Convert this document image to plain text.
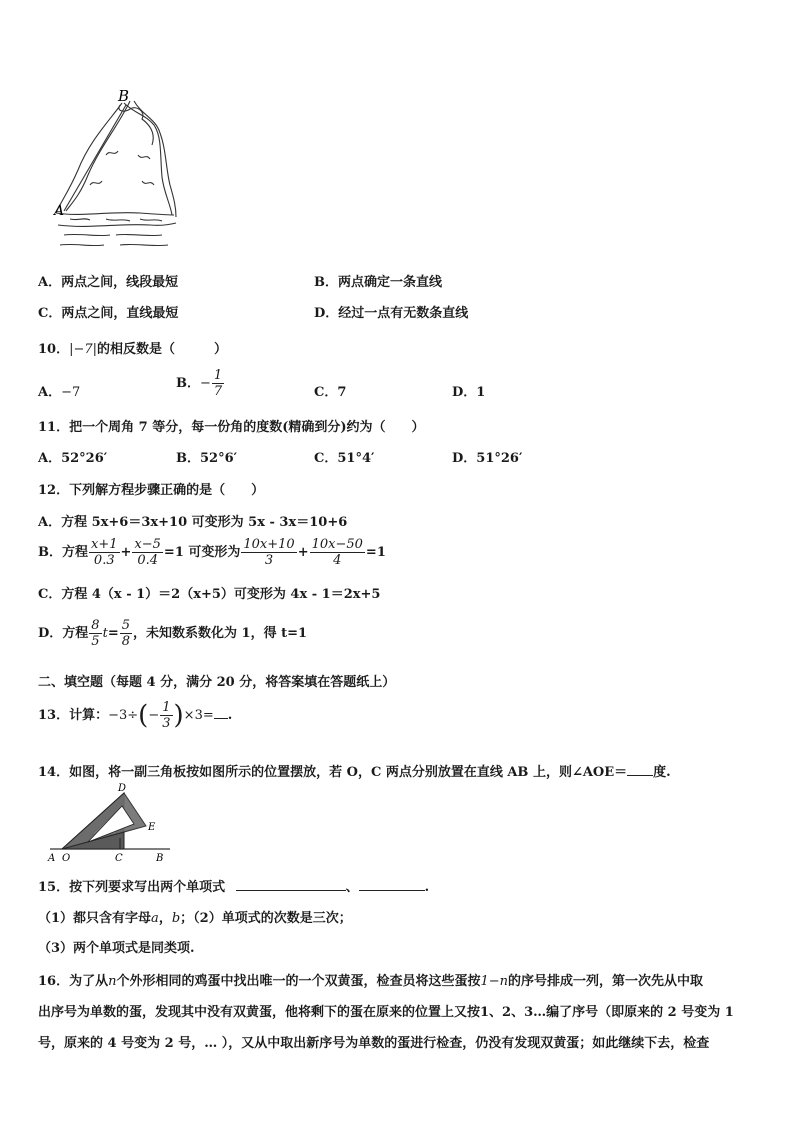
B
A
A．两点之间，线段最短	B．两点确定一条直线
C．两点之间，直线最短	D．经过一点有无数条直线
10．|−7|的相反数是（　　　）
A．−7
B．− $\frac{1}{7}$	C．7	D．1
11．把一个周角 7 等分，每一份角的度数(精确到分)约为（　　）
A．52°26′	B．52°6′	C．51°4′	D．51°26′
12．下列解方程步骤正确的是（　　）
A．方程 5x+6＝3x+10 可变形为 5x - 3x＝10+6
B．方程 $\frac{x+1}{0.3} + \frac{x-5}{0.4} =1$ 可变形为 $\frac{10x+10}{3} + \frac{10x-50}{4} =1$
C．方程 4（x - 1）＝2（x+5）可变形为 4x - 1＝2x+5
D．方程 $\frac{8}{5} t= \frac{5}{8}$ ，未知数系数化为 1，得 t=1
二、填空题（每题 4 分，满分 20 分，将答案填在答题纸上）
13．计算：$-3\div(- \frac{1}{3} )\times 3=$ .
14．如图，将一副三角板按如图所示的位置摆放，若 O，C 两点分别放置在直线 AB 上，则∠AOE＝ 度.
A O	C	B
D
E
15．按下列要求写出两个单项式	、	.
（1）都只含有字母a，b；（2）单项式的次数是三次；
（3）两个单项式是同类项.
16．为了从n个外形相同的鸡蛋中找出唯一的一个双黄蛋，检查员将这些蛋按1−n的序号排成一列，第一次先从中取
出序号为单数的蛋，发现其中没有双黄蛋，他将剩下的蛋在原来的位置上又按1、2、3…编了序号（即原来的 2 号变为 1
号，原来的 4 号变为 2 号，… ），又从中取出新序号为单数的蛋进行检查，仍没有发现双黄蛋；如此继续下去，检查
